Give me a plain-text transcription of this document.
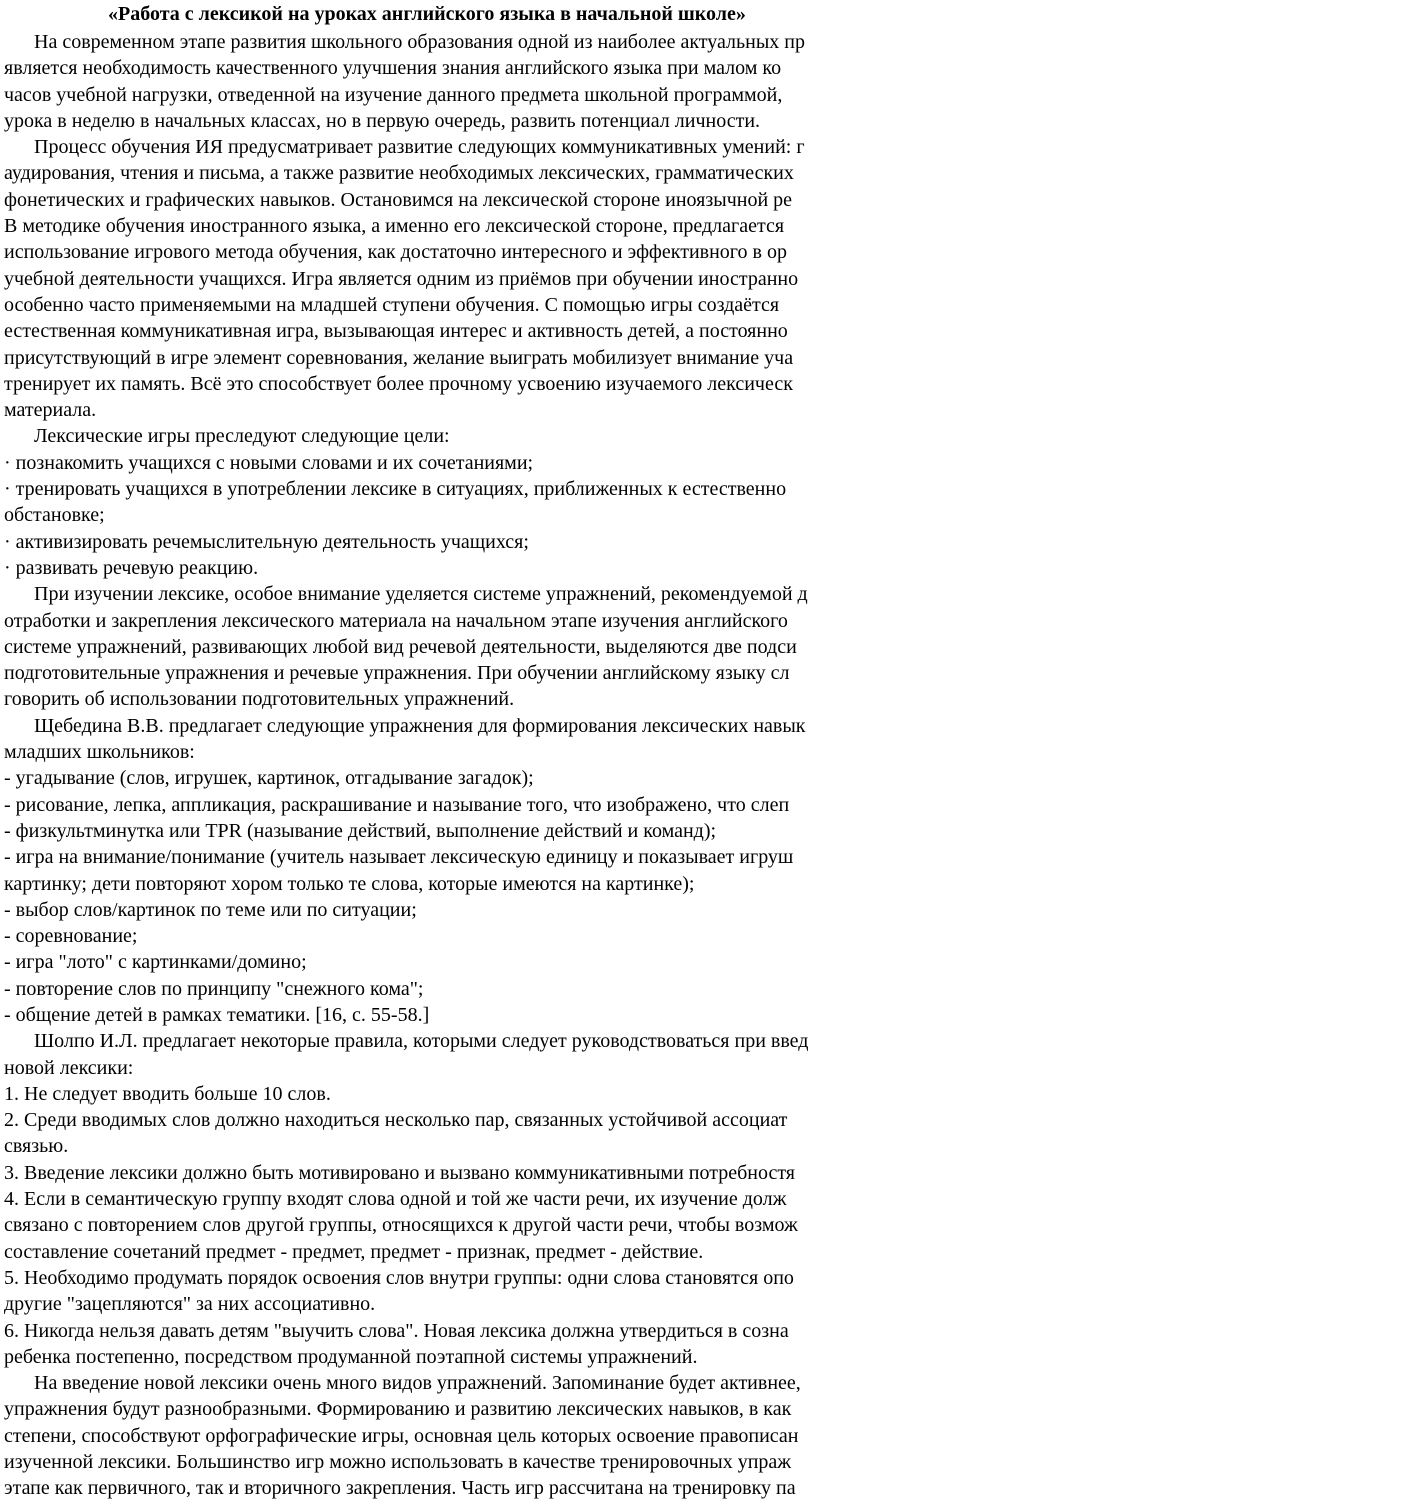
«Работа с лексикой на уроках английского языка в начальной школе»
На современном этапе развития школьного образования одной из наиболее актуальных пр
является необходимость качественного улучшения знания английского языка при малом ко
часов учебной нагрузки, отведенной на изучение данного предмета школьной программой,
урока в неделю в начальных классах, но в первую очередь, развить потенциал личности.
Процесс обучения ИЯ предусматривает развитие следующих коммуникативных умений: г
аудирования, чтения и письма, а также развитие необходимых лексических, грамматических
фонетических и графических навыков. Остановимся на лексической стороне иноязычной ре
В методике обучения иностранного языка, а именно его лексической стороне, предлагается
использование игрового метода обучения, как достаточно интересного и эффективного в ор
учебной деятельности учащихся. Игра является одним из приёмов при обучении иностранно
особенно часто применяемыми на младшей ступени обучения. С помощью игры создаётся
естественная коммуникативная игра, вызывающая интерес и активность детей, а постоянно
присутствующий в игре элемент соревнования, желание выиграть мобилизует внимание уча
тренирует их память. Всё это способствует более прочному усвоению изучаемого лексическ
материала.
Лексические игры преследуют следующие цели:
· познакомить учащихся с новыми словами и их сочетаниями;
· тренировать учащихся в употреблении лексике в ситуациях, приближенных к естественно
обстановке;
· активизировать речемыслительную деятельность учащихся;
· развивать речевую реакцию.
При изучении лексике, особое внимание уделяется системе упражнений, рекомендуемой д
отработки и закрепления лексического материала на начальном этапе изучения английского
системе упражнений, развивающих любой вид речевой деятельности, выделяются две подси
подготовительные упражнения и речевые упражнения. При обучении английскому языку сл
говорить об использовании подготовительных упражнений.
Щебедина В.В. предлагает следующие упражнения для формирования лексических навык
младших школьников:
- угадывание (слов, игрушек, картинок, отгадывание загадок);
- рисование, лепка, аппликация, раскрашивание и называние того, что изображено, что слеп
- физкультминутка или TPR (называние действий, выполнение действий и команд);
- игра на внимание/понимание (учитель называет лексическую единицу и показывает игруш
картинку; дети повторяют хором только те слова, которые имеются на картинке);
- выбор слов/картинок по теме или по ситуации;
- соревнование;
- игра "лото" с картинками/домино;
- повторение слов по принципу "снежного кома";
- общение детей в рамках тематики. [16, с. 55-58.]
Шолпо И.Л. предлагает некоторые правила, которыми следует руководствоваться при введ
новой лексики:
1. Не следует вводить больше 10 слов.
2. Среди вводимых слов должно находиться несколько пар, связанных устойчивой ассоциат
связью.
3. Введение лексики должно быть мотивировано и вызвано коммуникативными потребностя
4. Если в семантическую группу входят слова одной и той же части речи, их изучение долж
связано с повторением слов другой группы, относящихся к другой части речи, чтобы возмож
составление сочетаний предмет - предмет, предмет - признак, предмет - действие.
5. Необходимо продумать порядок освоения слов внутри группы: одни слова становятся опо
другие "зацепляются" за них ассоциативно.
6. Никогда нельзя давать детям "выучить слова". Новая лексика должна утвердиться в созна
ребенка постепенно, посредством продуманной поэтапной системы упражнений.
На введение новой лексики очень много видов упражнений. Запоминание будет активнее,
упражнения будут разнообразными. Формированию и развитию лексических навыков, в как
степени, способствуют орфографические игры, основная цель которых освоение правописан
изученной лексики. Большинство игр можно использовать в качестве тренировочных упраж
этапе как первичного, так и вторичного закрепления. Часть игр рассчитана на тренировку па
